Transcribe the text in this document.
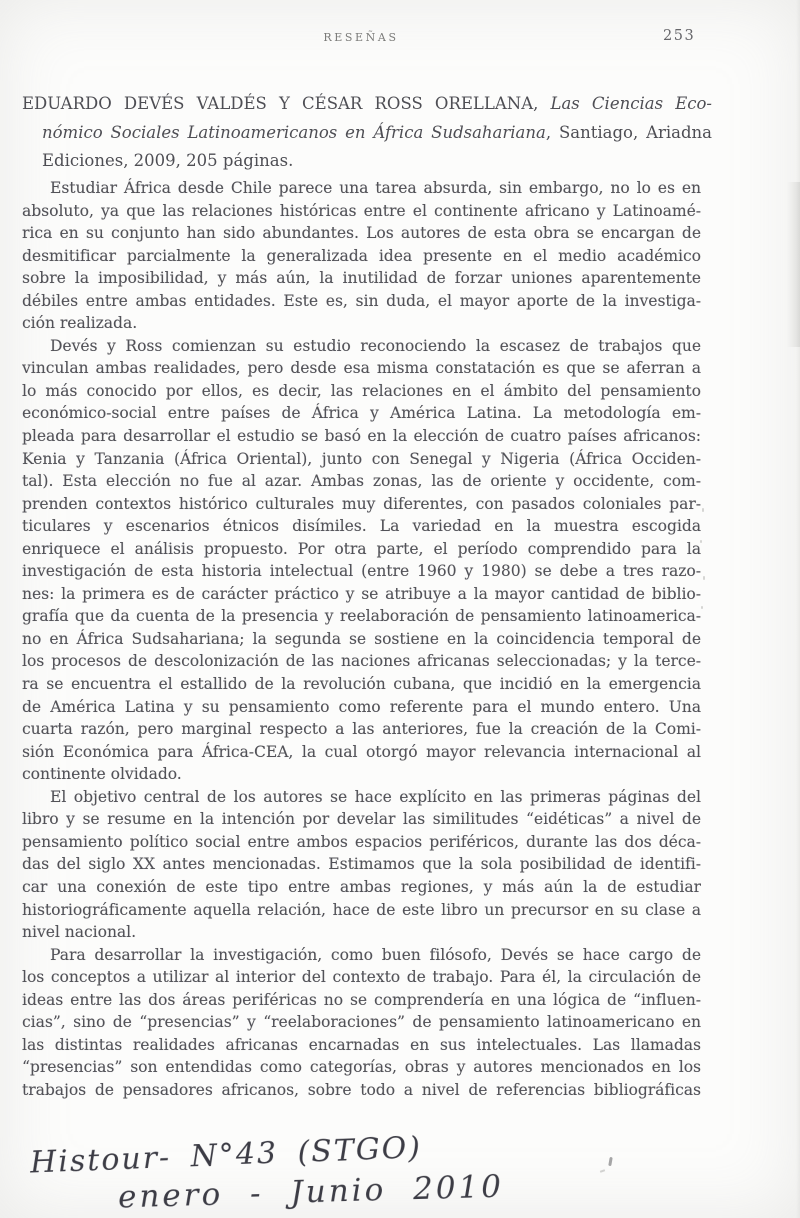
RESEÑAS	253
EDUARDO DEVÉS VALDÉS Y CÉSAR ROSS ORELLANA, Las Ciencias Eco-
nómico Sociales Latinoamericanos en África Sudsahariana, Santiago, Ariadna
Ediciones, 2009, 205 páginas.
Estudiar África desde Chile parece una tarea absurda, sin embargo, no lo es en
absoluto, ya que las relaciones históricas entre el continente africano y Latinoamé-
rica en su conjunto han sido abundantes. Los autores de esta obra se encargan de
desmitificar parcialmente la generalizada idea presente en el medio académico
sobre la imposibilidad, y más aún, la inutilidad de forzar uniones aparentemente
débiles entre ambas entidades. Este es, sin duda, el mayor aporte de la investiga-
ción realizada.
Devés y Ross comienzan su estudio reconociendo la escasez de trabajos que
vinculan ambas realidades, pero desde esa misma constatación es que se aferran a
lo más conocido por ellos, es decir, las relaciones en el ámbito del pensamiento
económico-social entre países de África y América Latina. La metodología em-
pleada para desarrollar el estudio se basó en la elección de cuatro países africanos:
Kenia y Tanzania (África Oriental), junto con Senegal y Nigeria (África Occiden-
tal). Esta elección no fue al azar. Ambas zonas, las de oriente y occidente, com-
prenden contextos histórico culturales muy diferentes, con pasados coloniales par-
ticulares y escenarios étnicos disímiles. La variedad en la muestra escogida
enriquece el análisis propuesto. Por otra parte, el período comprendido para la
investigación de esta historia intelectual (entre 1960 y 1980) se debe a tres razo-
nes: la primera es de carácter práctico y se atribuye a la mayor cantidad de biblio-
grafía que da cuenta de la presencia y reelaboración de pensamiento latinoamerica-
no en África Sudsahariana; la segunda se sostiene en la coincidencia temporal de
los procesos de descolonización de las naciones africanas seleccionadas; y la terce-
ra se encuentra el estallido de la revolución cubana, que incidió en la emergencia
de América Latina y su pensamiento como referente para el mundo entero. Una
cuarta razón, pero marginal respecto a las anteriores, fue la creación de la Comi-
sión Económica para África-CEA, la cual otorgó mayor relevancia internacional al
continente olvidado.
El objetivo central de los autores se hace explícito en las primeras páginas del
libro y se resume en la intención por develar las similitudes “eidéticas” a nivel de
pensamiento político social entre ambos espacios periféricos, durante las dos déca-
das del siglo XX antes mencionadas. Estimamos que la sola posibilidad de identifi-
car una conexión de este tipo entre ambas regiones, y más aún la de estudiar
historiográficamente aquella relación, hace de este libro un precursor en su clase a
nivel nacional.
Para desarrollar la investigación, como buen filósofo, Devés se hace cargo de
los conceptos a utilizar al interior del contexto de trabajo. Para él, la circulación de
ideas entre las dos áreas periféricas no se comprendería en una lógica de “influen-
cias”, sino de “presencias” y “reelaboraciones” de pensamiento latinoamericano en
las distintas realidades africanas encarnadas en sus intelectuales. Las llamadas
“presencias” son entendidas como categorías, obras y autores mencionados en los
trabajos de pensadores africanos, sobre todo a nivel de referencias bibliográficas
Histour- N°43 (STGO)
enero - Junio 2010
